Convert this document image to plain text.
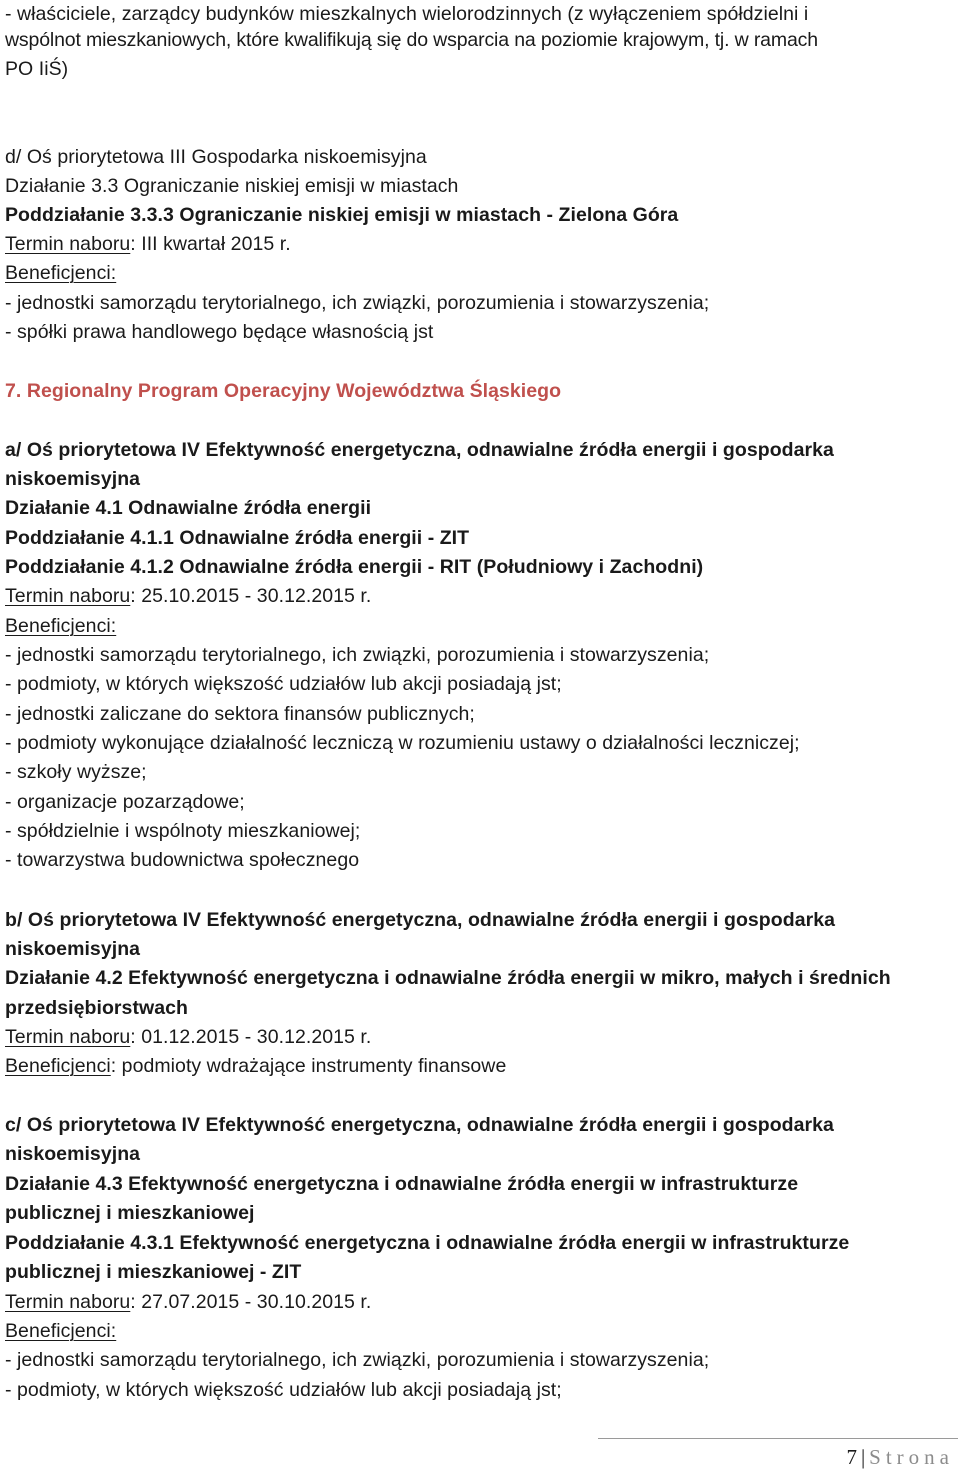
- właściciele, zarządcy budynków mieszkalnych wielorodzinnych (z wyłączeniem spółdzielni i
wspólnot mieszkaniowych, które kwalifikują się do wsparcia na poziomie krajowym, tj. w ramach
PO IiŚ)
d/ Oś priorytetowa III Gospodarka niskoemisyjna
Działanie 3.3 Ograniczanie niskiej emisji w miastach
Poddziałanie 3.3.3 Ograniczanie niskiej emisji w miastach - Zielona Góra
Termin naboru: III kwartał 2015 r.
Beneficjenci:
- jednostki samorządu terytorialnego, ich związki, porozumienia i stowarzyszenia;
- spółki prawa handlowego będące własnością jst
7. Regionalny Program Operacyjny Województwa Śląskiego
a/ Oś priorytetowa IV Efektywność energetyczna, odnawialne źródła energii i gospodarka
niskoemisyjna
Działanie 4.1 Odnawialne źródła energii
Poddziałanie 4.1.1 Odnawialne źródła energii - ZIT
Poddziałanie 4.1.2 Odnawialne źródła energii - RIT (Południowy i Zachodni)
Termin naboru: 25.10.2015 - 30.12.2015 r.
Beneficjenci:
- jednostki samorządu terytorialnego, ich związki, porozumienia i stowarzyszenia;
- podmioty, w których większość udziałów lub akcji posiadają jst;
- jednostki zaliczane do sektora finansów publicznych;
- podmioty wykonujące działalność leczniczą w rozumieniu ustawy o działalności leczniczej;
- szkoły wyższe;
- organizacje pozarządowe;
- spółdzielnie i wspólnoty mieszkaniowej;
- towarzystwa budownictwa społecznego
b/ Oś priorytetowa IV Efektywność energetyczna, odnawialne źródła energii i gospodarka
niskoemisyjna
Działanie 4.2 Efektywność energetyczna i odnawialne źródła energii w mikro, małych i średnich
przedsiębiorstwach
Termin naboru: 01.12.2015 - 30.12.2015 r.
Beneficjenci: podmioty wdrażające instrumenty finansowe
c/ Oś priorytetowa IV Efektywność energetyczna, odnawialne źródła energii i gospodarka
niskoemisyjna
Działanie 4.3 Efektywność energetyczna i odnawialne źródła energii w infrastrukturze
publicznej i mieszkaniowej
Poddziałanie 4.3.1 Efektywność energetyczna i odnawialne źródła energii w infrastrukturze
publicznej i mieszkaniowej - ZIT
Termin naboru: 27.07.2015 - 30.10.2015 r.
Beneficjenci:
- jednostki samorządu terytorialnego, ich związki, porozumienia i stowarzyszenia;
- podmioty, w których większość udziałów lub akcji posiadają jst;
7 | Strona
